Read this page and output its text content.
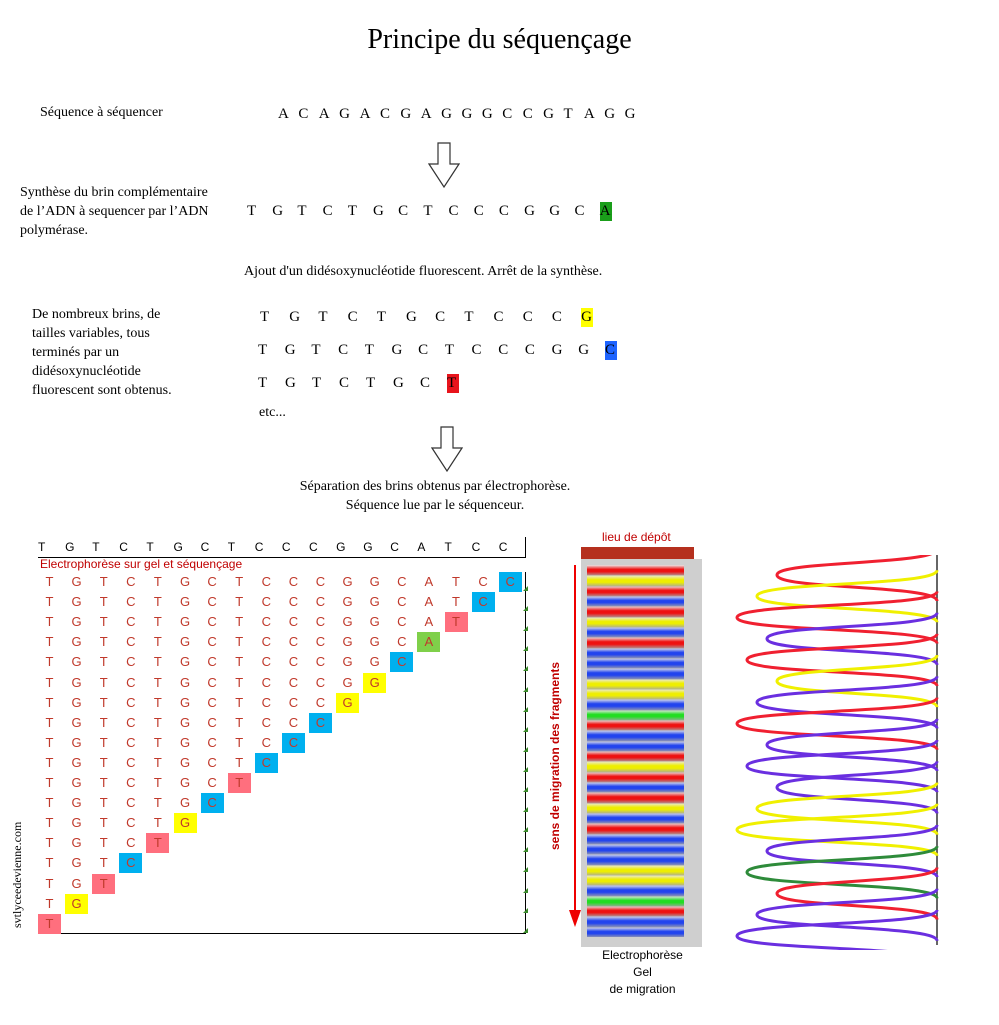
Principe du séquençage
Séquence à séquencer	A C A G A C G A G G G C C G T A G G
Synthèse du brin complémentaire
de l’ADN à sequencer par l’ADN
polymérase.
T G T C T G C T C C C G G C A
Ajout d'un didésoxynucléotide fluorescent. Arrêt de la synthèse.
De nombreux brins, de
tailles variables, tous
terminés par un
didésoxynucléotide
fluorescent sont obtenus.
T G T C T G C T C C C G
T G T C T G C T C C C G G C
T G T C T G C T
etc...
Séparation des brins obtenus par électrophorèse.
Séquence lue par le séquenceur.
T	G	T	C	T	G	C	T	C	C	C	G	G	C	A	T	C	C
Electrophorèse sur gel et séquençage
T	G	T	C	T	G	C	T	C	C	C	G	G	C	A	T	C	C
T	G	T	C	T	G	C	T	C	C	C	G	G	C	A	T	C
T	G	T	C	T	G	C	T	C	C	C	G	G	C	A	T
T	G	T	C	T	G	C	T	C	C	C	G	G	C	A
T	G	T	C	T	G	C	T	C	C	C	G	G	C
T	G	T	C	T	G	C	T	C	C	C	G	G
T	G	T	C	T	G	C	T	C	C	C	G
T	G	T	C	T	G	C	T	C	C	C
T	G	T	C	T	G	C	T	C	C
T	G	T	C	T	G	C	T	C
T	G	T	C	T	G	C	T
T	G	T	C	T	G	C
T	G	T	C	T	G
T	G	T	C	T
T	G	T	C
T	G	T
T	G
T
svtlyceedevienne.com
lieu de dépôt
sens de migration des fragments
Electrophorèse
Gel
de migration
